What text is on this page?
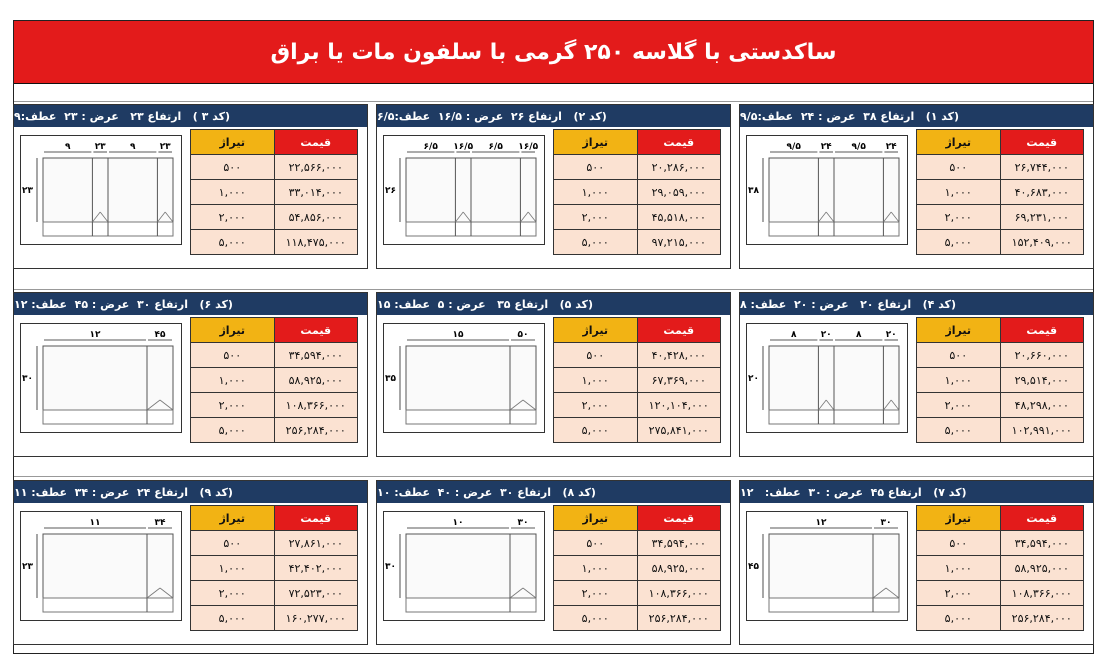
ساکدستی با گلاسه ۲۵۰ گرمی با سلفون مات یا براق
(کد ۱)   ارتفاع ۳۸  عرض : ۲۴  عطف:۹/۵
۲۴
۹/۵
۲۴
۹/۵
۳۸
تیراژ	قیمت
۵۰۰	۲۶,۷۴۴,۰۰۰
۱,۰۰۰	۴۰,۶۸۳,۰۰۰
۲,۰۰۰	۶۹,۲۳۱,۰۰۰
۵,۰۰۰	۱۵۲,۴۰۹,۰۰۰
(کد ۲)   ارتفاع ۲۶  عرض : ۱۶/۵  عطف:۶/۵
۱۶/۵
۶/۵
۱۶/۵
۶/۵
۲۶
تیراژ	قیمت
۵۰۰	۲۰,۲۸۶,۰۰۰
۱,۰۰۰	۲۹,۰۵۹,۰۰۰
۲,۰۰۰	۴۵,۵۱۸,۰۰۰
۵,۰۰۰	۹۷,۲۱۵,۰۰۰
(کد ۳ )   ارتفاع ۲۳   عرض : ۲۳  عطف:۹
۲۳
۹
۲۳
۹
۲۳
تیراژ	قیمت
۵۰۰	۲۲,۵۶۶,۰۰۰
۱,۰۰۰	۳۳,۰۱۴,۰۰۰
۲,۰۰۰	۵۴,۸۵۶,۰۰۰
۵,۰۰۰	۱۱۸,۴۷۵,۰۰۰
(کد ۴)   ارتفاع ۲۰   عرض : ۲۰  عطف: ۸
۲۰
۸
۲۰
۸
۲۰
تیراژ	قیمت
۵۰۰	۲۰,۶۶۰,۰۰۰
۱,۰۰۰	۲۹,۵۱۴,۰۰۰
۲,۰۰۰	۴۸,۲۹۸,۰۰۰
۵,۰۰۰	۱۰۲,۹۹۱,۰۰۰
(کد ۵)   ارتفاع ۳۵   عرض : ۵  عطف: ۱۵
۵۰
۱۵
۳۵
تیراژ	قیمت
۵۰۰	۴۰,۴۲۸,۰۰۰
۱,۰۰۰	۶۷,۳۶۹,۰۰۰
۲,۰۰۰	۱۲۰,۱۰۴,۰۰۰
۵,۰۰۰	۲۷۵,۸۴۱,۰۰۰
(کد ۶)   ارتفاع ۳۰  عرض : ۴۵  عطف: ۱۲
۴۵
۱۲
۳۰
تیراژ	قیمت
۵۰۰	۳۴,۵۹۴,۰۰۰
۱,۰۰۰	۵۸,۹۲۵,۰۰۰
۲,۰۰۰	۱۰۸,۳۶۶,۰۰۰
۵,۰۰۰	۲۵۶,۲۸۴,۰۰۰
(کد ۷)   ارتفاع ۴۵  عرض : ۳۰  عطف:   ۱۲
۳۰
۱۲
۴۵
تیراژ	قیمت
۵۰۰	۳۴,۵۹۴,۰۰۰
۱,۰۰۰	۵۸,۹۲۵,۰۰۰
۲,۰۰۰	۱۰۸,۳۶۶,۰۰۰
۵,۰۰۰	۲۵۶,۲۸۴,۰۰۰
(کد ۸)   ارتفاع ۳۰  عرض : ۴۰  عطف: ۱۰
۳۰
۱۰
۳۰
تیراژ	قیمت
۵۰۰	۳۴,۵۹۴,۰۰۰
۱,۰۰۰	۵۸,۹۲۵,۰۰۰
۲,۰۰۰	۱۰۸,۳۶۶,۰۰۰
۵,۰۰۰	۲۵۶,۲۸۴,۰۰۰
(کد ۹)   ارتفاع ۲۴  عرض : ۳۴  عطف: ۱۱
۳۴
۱۱
۲۳
تیراژ	قیمت
۵۰۰	۲۷,۸۶۱,۰۰۰
۱,۰۰۰	۴۲,۴۰۲,۰۰۰
۲,۰۰۰	۷۲,۵۲۳,۰۰۰
۵,۰۰۰	۱۶۰,۲۷۷,۰۰۰
